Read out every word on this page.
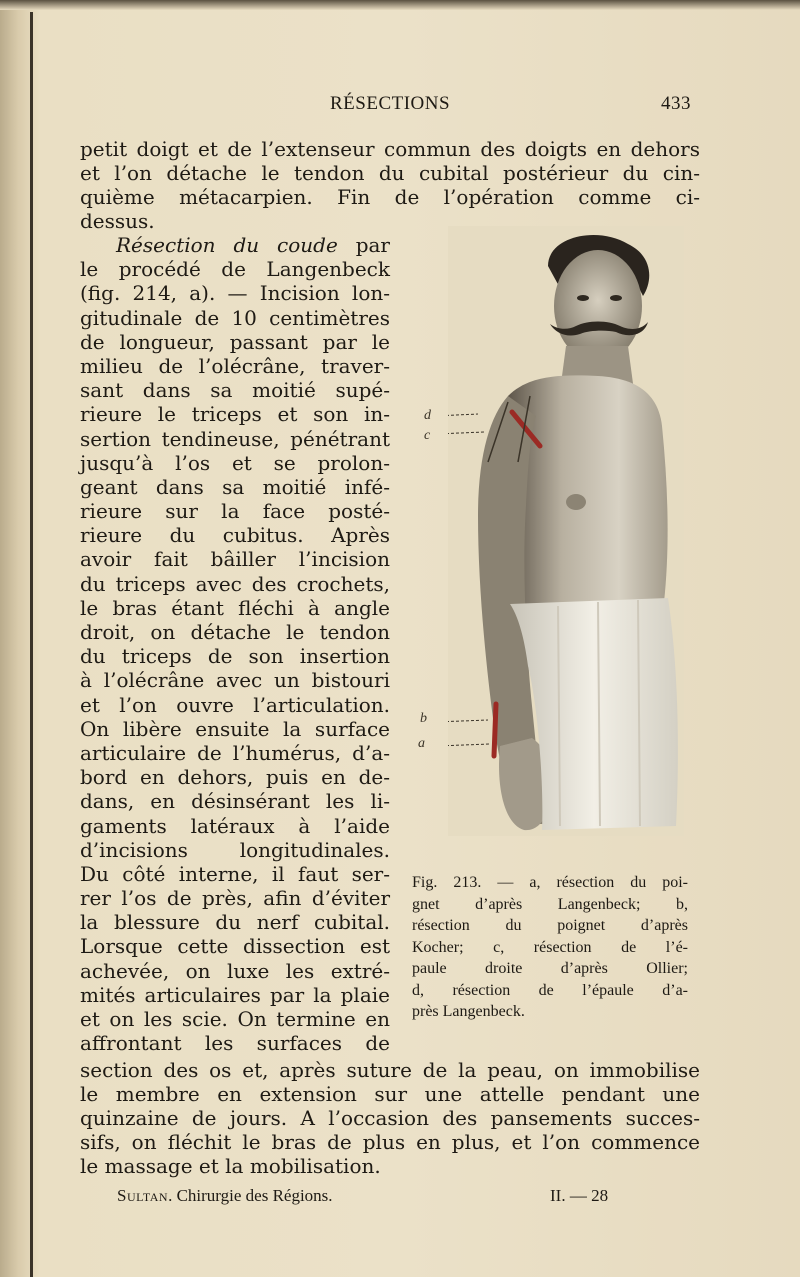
RÉSECTIONS	433
petit doigt et de l’extenseur commun des doigts en dehors
et l’on détache le tendon du cubital postérieur du cin-
quième métacarpien. Fin de l’opération comme ci-
dessus.
Résection du coude par
le procédé de Langenbeck
(fig. 214, a). — Incision lon-
gitudinale de 10 centimètres
de longueur, passant par le
milieu de l’olécrâne, traver-
sant dans sa moitié supé-
rieure le triceps et son in-
sertion tendineuse, pénétrant
jusqu’à l’os et se prolon-
geant dans sa moitié infé-
rieure sur la face posté-
rieure du cubitus. Après
avoir fait bâiller l’incision
du triceps avec des crochets,
le bras étant fléchi à angle
droit, on détache le tendon
du triceps de son insertion
à l’olécrâne avec un bistouri
et l’on ouvre l’articulation.
On libère ensuite la surface
articulaire de l’humérus, d’a-
bord en dehors, puis en de-
dans, en désinsérant les li-
gaments latéraux à l’aide
d’incisions longitudinales.
Du côté interne, il faut ser-
rer l’os de près, afin d’éviter
la blessure du nerf cubital.
Lorsque cette dissection est
achevée, on luxe les extré-
mités articulaires par la plaie
et on les scie. On termine en
affrontant les surfaces de
d
c
b
a
Fig. 213. — a, résection du poi-
gnet d’après Langenbeck; b,
résection du poignet d’après
Kocher; c, résection de l’é-
paule droite d’après Ollier;
d, résection de l’épaule d’a-
près Langenbeck.
section des os et, après suture de la peau, on immobilise
le membre en extension sur une attelle pendant une
quinzaine de jours. A l’occasion des pansements succes-
sifs, on fléchit le bras de plus en plus, et l’on commence
le massage et la mobilisation.
Sultan. Chirurgie des Régions.	II. — 28
